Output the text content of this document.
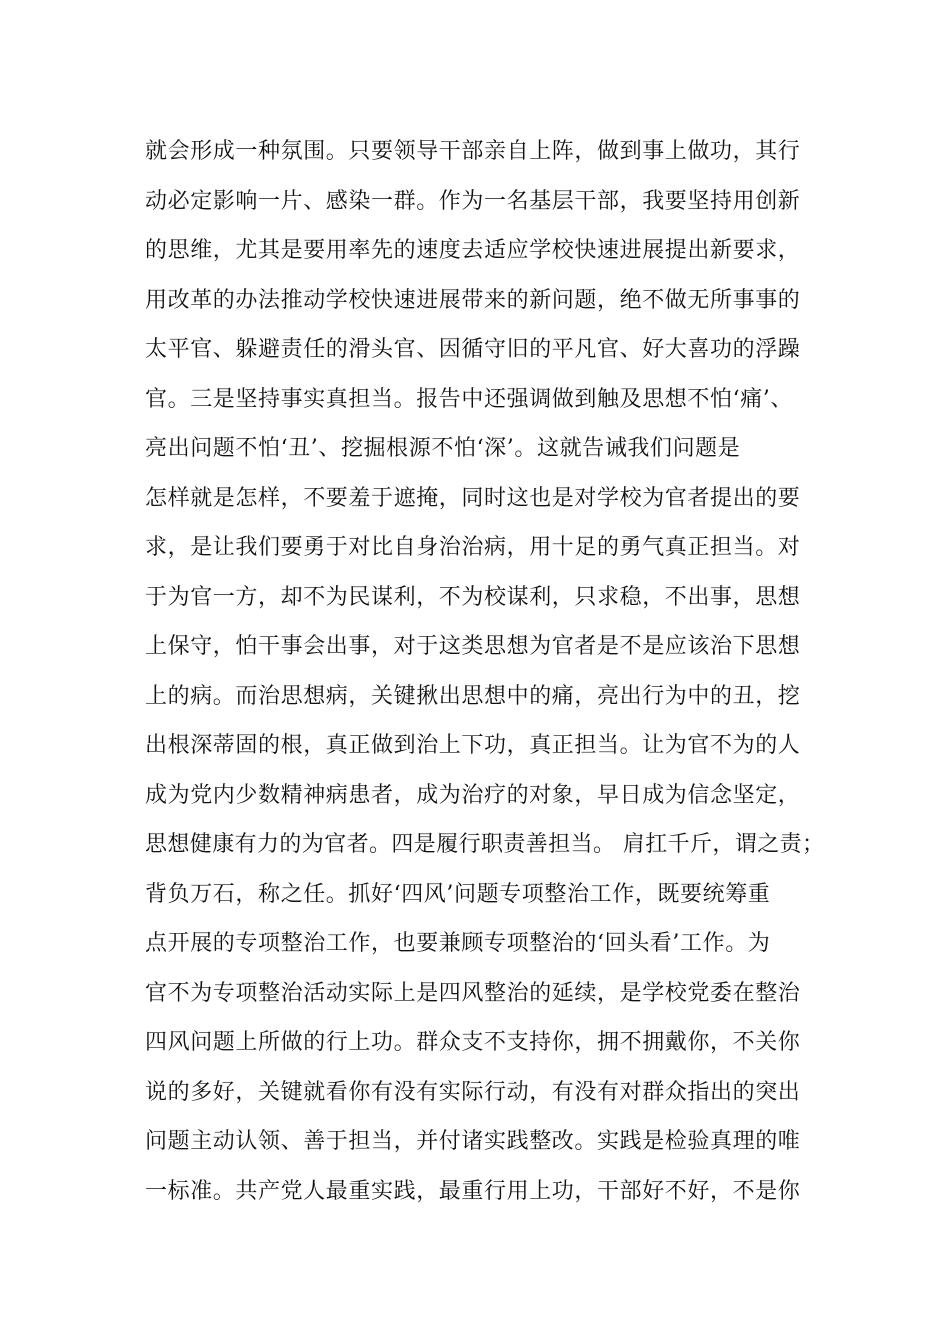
就会形成一种氛围。只要领导干部亲自上阵，做到事上做功，其行
动必定影响一片、感染一群。作为一名基层干部，我要坚持用创新
的思维，尤其是要用率先的速度去适应学校快速进展提出新要求，
用改革的办法推动学校快速进展带来的新问题，绝不做无所事事的
太平官、躲避责任的滑头官、因循守旧的平凡官、好大喜功的浮躁
官。三是坚持事实真担当。报告中还强调做到触及思想不怕‘痛’、
亮出问题不怕‘丑’、挖掘根源不怕‘深’。这就告诫我们问题是
怎样就是怎样，不要羞于遮掩，同时这也是对学校为官者提出的要
求，是让我们要勇于对比自身治治病，用十足的勇气真正担当。对
于为官一方，却不为民谋利，不为校谋利，只求稳，不出事，思想
上保守，怕干事会出事，对于这类思想为官者是不是应该治下思想
上的病。而治思想病，关键揪出思想中的痛，亮出行为中的丑，挖
出根深蒂固的根，真正做到治上下功，真正担当。让为官不为的人
成为党内少数精神病患者，成为治疗的对象，早日成为信念坚定，
思想健康有力的为官者。四是履行职责善担当。 肩扛千斤，谓之责；
背负万石，称之任。抓好‘四风’问题专项整治工作，既要统筹重
点开展的专项整治工作，也要兼顾专项整治的‘回头看’工作。为
官不为专项整治活动实际上是四风整治的延续，是学校党委在整治
四风问题上所做的行上功。群众支不支持你，拥不拥戴你，不关你
说的多好，关键就看你有没有实际行动，有没有对群众指出的突出
问题主动认领、善于担当，并付诸实践整改。实践是检验真理的唯
一标准。共产党人最重实践，最重行用上功，干部好不好，不是你
